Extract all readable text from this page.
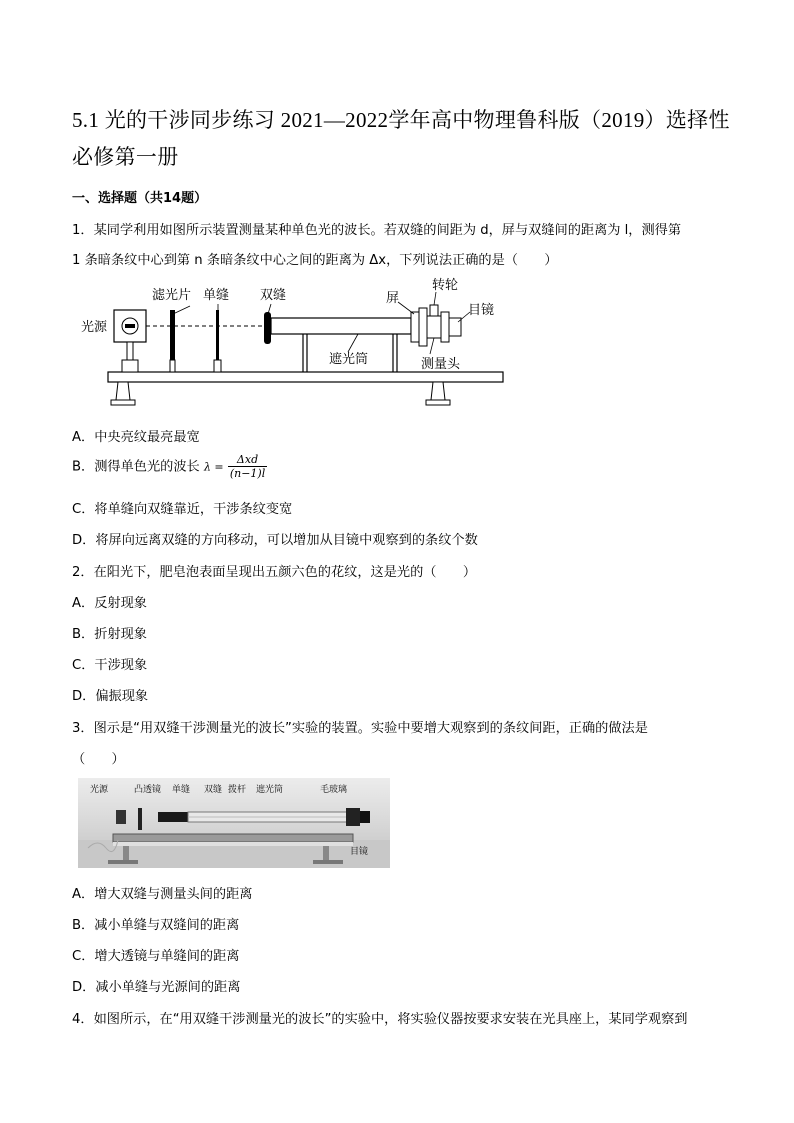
5.1 光的干涉同步练习 2021—2022学年高中物理鲁科版（2019）选择性必修第一册
一、选择题（共14题）
1．某同学利用如图所示装置测量某种单色光的波长。若双缝的间距为 d，屏与双缝间的距离为 l，测得第
1 条暗条纹中心到第 n 条暗条纹中心之间的距离为 Δx，下列说法正确的是（　　）
光源
滤光片 单缝 双缝	屏
转轮
目镜
遮光筒	测量头
A．中央亮纹最亮最宽
B．测得单色光的波长 $\lambda = \frac{\text{Δxd}}{(n-1)l}$
C．将单缝向双缝靠近，干涉条纹变宽
D．将屏向远离双缝的方向移动，可以增加从目镜中观察到的条纹个数
2．在阳光下，肥皂泡表面呈现出五颜六色的花纹，这是光的（　　）
A．反射现象
B．折射现象
C．干涉现象
D．偏振现象
3．图示是“用双缝干涉测量光的波长”实验的装置。实验中要增大观察到的条纹间距，正确的做法是
（　　）
光源	凸透镜 单缝 双缝 拨杆 遮光筒	毛玻璃
目镜
A．增大双缝与测量头间的距离
B．减小单缝与双缝间的距离
C．增大透镜与单缝间的距离
D．减小单缝与光源间的距离
4．如图所示，在“用双缝干涉测量光的波长”的实验中，将实验仪器按要求安装在光具座上，某同学观察到
